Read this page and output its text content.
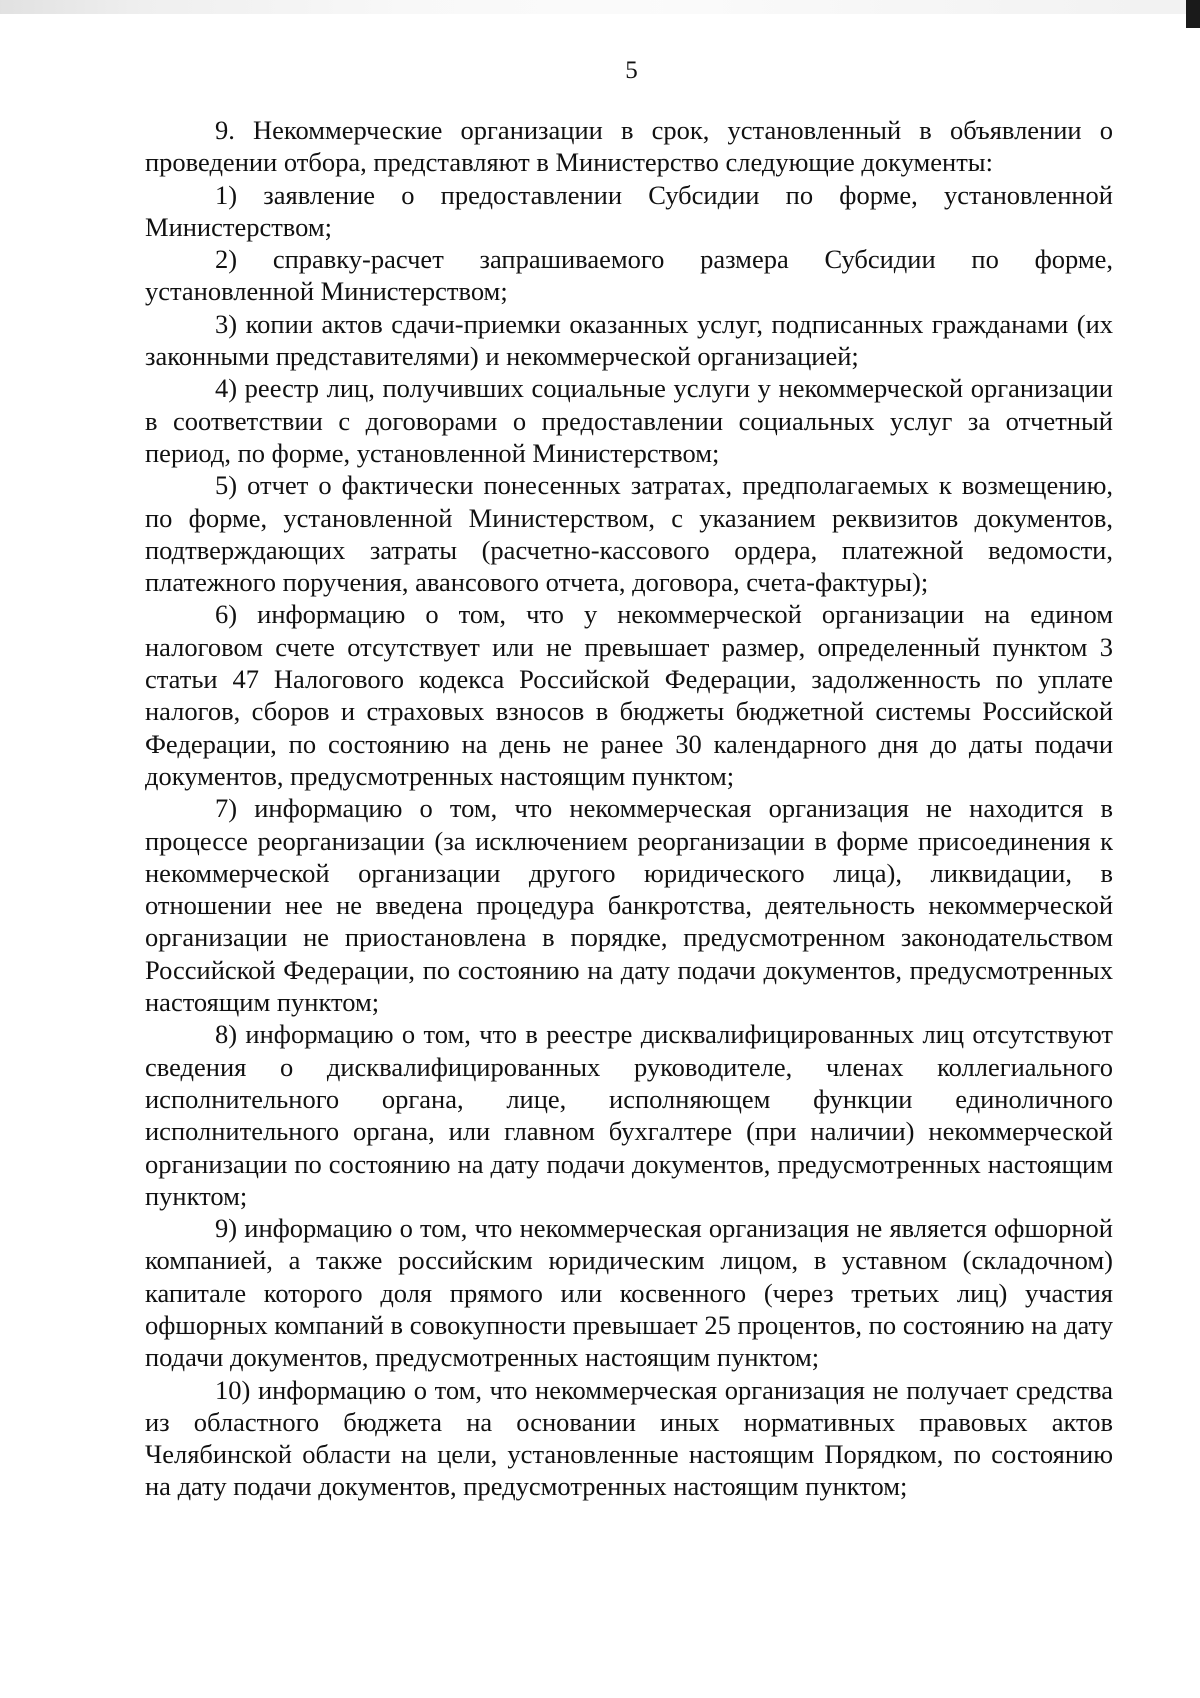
5

9. Некоммерческие организации в срок, установленный в объявлении о проведении отбора, представляют в Министерство следующие документы:

1) заявление о предоставлении Субсидии по форме, установленной Министерством;

2) справку-расчет запрашиваемого размера Субсидии по форме, установленной Министерством;

3) копии актов сдачи-приемки оказанных услуг, подписанных гражданами (их законными представителями) и некоммерческой организацией;

4) реестр лиц, получивших социальные услуги у некоммерческой организации в соответствии с договорами о предоставлении социальных услуг за отчетный период, по форме, установленной Министерством;

5) отчет о фактически понесенных затратах, предполагаемых к возмещению, по форме, установленной Министерством, с указанием реквизитов документов, подтверждающих затраты (расчетно-кассового ордера, платежной ведомости, платежного поручения, авансового отчета, договора, счета-фактуры);

6) информацию о том, что у некоммерческой организации на едином налоговом счете отсутствует или не превышает размер, определенный пунктом 3 статьи 47 Налогового кодекса Российской Федерации, задолженность по уплате налогов, сборов и страховых взносов в бюджеты бюджетной системы Российской Федерации, по состоянию на день не ранее 30 календарного дня до даты подачи документов, предусмотренных настоящим пунктом;

7) информацию о том, что некоммерческая организация не находится в процессе реорганизации (за исключением реорганизации в форме присоединения к некоммерческой организации другого юридического лица), ликвидации, в отношении нее не введена процедура банкротства, деятельность некоммерческой организации не приостановлена в порядке, предусмотренном законодательством Российской Федерации, по состоянию на дату подачи документов, предусмотренных настоящим пунктом;

8) информацию о том, что в реестре дисквалифицированных лиц отсутствуют сведения о дисквалифицированных руководителе, членах коллегиального исполнительного органа, лице, исполняющем функции единоличного исполнительного органа, или главном бухгалтере (при наличии) некоммерческой организации по состоянию на дату подачи документов, предусмотренных настоящим пунктом;

9) информацию о том, что некоммерческая организация не является офшорной компанией, а также российским юридическим лицом, в уставном (складочном) капитале которого доля прямого или косвенного (через третьих лиц) участия офшорных компаний в совокупности превышает 25 процентов, по состоянию на дату подачи документов, предусмотренных настоящим пунктом;

10) информацию о том, что некоммерческая организация не получает средства из областного бюджета на основании иных нормативных правовых актов Челябинской области на цели, установленные настоящим Порядком, по состоянию на дату подачи документов, предусмотренных настоящим пунктом;
